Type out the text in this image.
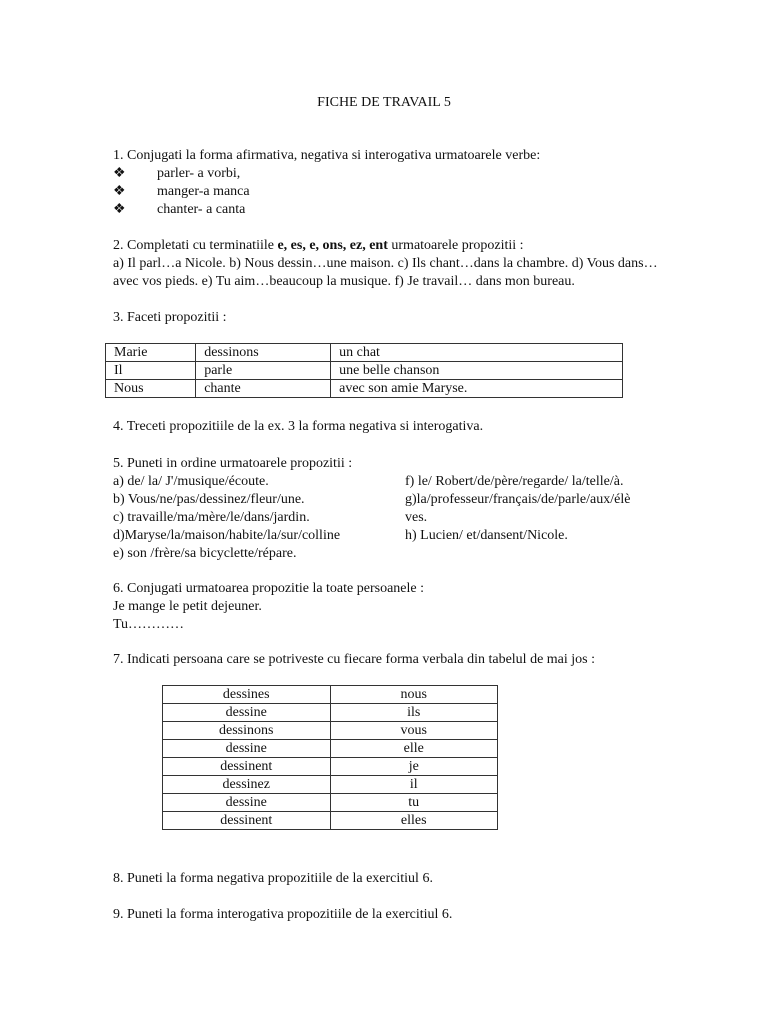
FICHE DE TRAVAIL 5
1. Conjugati la forma afirmativa, negativa si interogativa urmatoarele verbe:
❖	parler- a vorbi,
❖	manger-a manca
❖	chanter- a canta
2. Completati cu terminatiile e, es, e, ons, ez, ent urmatoarele propozitii :
a) Il parl…a Nicole. b) Nous dessin…une maison. c) Ils chant…dans la chambre. d) Vous dans…avec vos pieds. e) Tu aim…beaucoup la musique. f) Je travail… dans mon bureau.
3. Faceti propozitii :
Marie	dessinons	un chat
Il	parle	une belle chanson
Nous	chante	avec son amie Maryse.
4. Treceti propozitiile de la ex. 3 la forma negativa si interogativa.
5. Puneti in ordine urmatoarele propozitii :
a) de/ la/ J'/musique/écoute.
b) Vous/ne/pas/dessinez/fleur/une.
c) travaille/ma/mère/le/dans/jardin.
d)Maryse/la/maison/habite/la/sur/colline
e) son /frère/sa bicyclette/répare.
f) le/ Robert/de/père/regarde/ la/telle/à.
g)la/professeur/français/de/parle/aux/élè
ves.
h) Lucien/ et/dansent/Nicole.
6. Conjugati urmatoarea propozitie la toate persoanele :
Je mange le petit dejeuner.
Tu…………
7. Indicati persoana care se potriveste cu fiecare forma verbala din tabelul de mai jos :
dessines	nous
dessine	ils
dessinons	vous
dessine	elle
dessinent	je
dessinez	il
dessine	tu
dessinent	elles
8. Puneti la forma negativa propozitiile de la exercitiul 6.
9. Puneti la forma interogativa propozitiile de la exercitiul 6.
